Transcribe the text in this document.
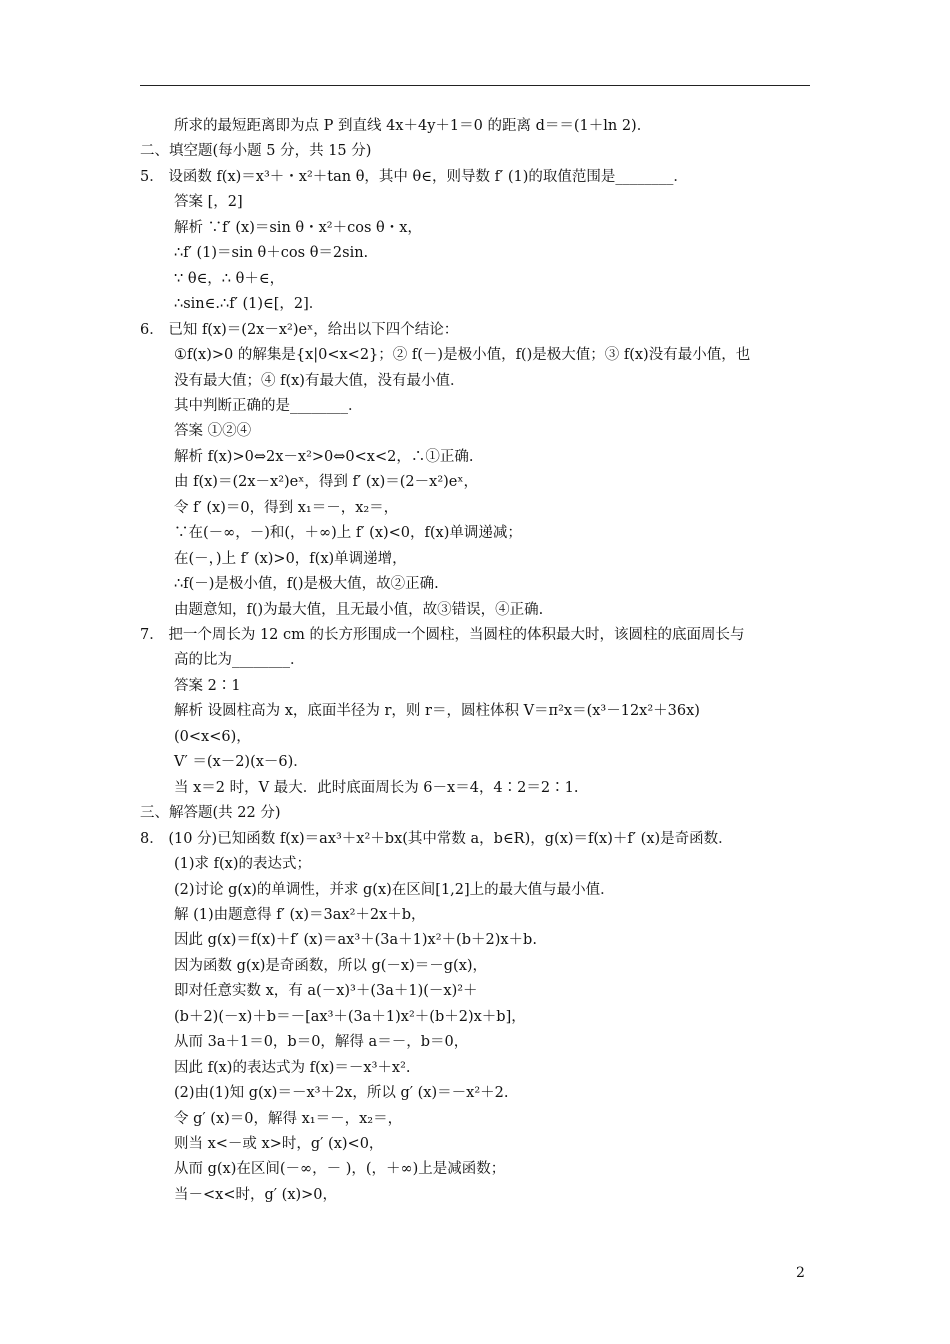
所求的最短距离即为点 P 到直线 4x＋4y＋1＝0 的距离 d＝＝(1＋ln 2)．
二、填空题(每小题 5 分，共 15 分)
5． 设函数 f(x)＝x³＋・x²＋tan θ，其中 θ∈，则导数 f′ (1)的取值范围是________．
答案 [，2]
解析 ∵f′ (x)＝sin θ・x²＋cos θ・x，
∴f′ (1)＝sin θ＋cos θ＝2sin.
∵ θ∈，∴ θ＋∈，
∴sin∈.∴f′ (1)∈[，2]．
6． 已知 f(x)＝(2x－x²)eˣ，给出以下四个结论：
①f(x)>0 的解集是{x|0<x<2}；② f(－)是极小值，f()是极大值；③ f(x)没有最小值，也
没有最大值；④ f(x)有最大值，没有最小值．
其中判断正确的是________．
答案 ①②④
解析 f(x)>0⇔2x－x²>0⇔0<x<2，∴①正确.
由 f(x)＝(2x－x²)eˣ，得到 f′ (x)＝(2－x²)eˣ，
令 f′ (x)＝0，得到 x₁＝－，x₂＝，
∵在(－∞，－)和(，＋∞)上 f′ (x)<0，f(x)单调递减；
在(－，)上 f′ (x)>0，f(x)单调递增，
∴f(－)是极小值，f()是极大值，故②正确.
由题意知，f()为最大值，且无最小值，故③错误，④正确.
7． 把一个周长为 12 cm 的长方形围成一个圆柱，当圆柱的体积最大时，该圆柱的底面周长与
高的比为________．
答案 2∶1
解析 设圆柱高为 x，底面半径为 r，则 r＝，圆柱体积 V＝π²x＝(x³－12x²＋36x)
(0<x<6)，
V′ ＝(x－2)(x－6)．
当 x＝2 时，V 最大．此时底面周长为 6－x＝4，4∶2＝2∶1.
三、解答题(共 22 分)
8． (10 分)已知函数 f(x)＝ax³＋x²＋bx(其中常数 a，b∈R)，g(x)＝f(x)＋f′ (x)是奇函数．
(1)求 f(x)的表达式；
(2)讨论 g(x)的单调性，并求 g(x)在区间[1,2]上的最大值与最小值．
解 (1)由题意得 f′ (x)＝3ax²＋2x＋b，
因此 g(x)＝f(x)＋f′ (x)＝ax³＋(3a＋1)x²＋(b＋2)x＋b.
因为函数 g(x)是奇函数，所以 g(－x)＝－g(x)，
即对任意实数 x，有 a(－x)³＋(3a＋1)(－x)²＋
(b＋2)(－x)＋b＝－[ax³＋(3a＋1)x²＋(b＋2)x＋b]，
从而 3a＋1＝0，b＝0，解得 a＝－，b＝0，
因此 f(x)的表达式为 f(x)＝－x³＋x².
(2)由(1)知 g(x)＝－x³＋2x，所以 g′ (x)＝－x²＋2.
令 g′ (x)＝0，解得 x₁＝－，x₂＝，
则当 x<－或 x>时，g′ (x)<0，
从而 g(x)在区间(－∞，－ )，(，＋∞)上是减函数；
当－<x<时，g′ (x)>0，
2
